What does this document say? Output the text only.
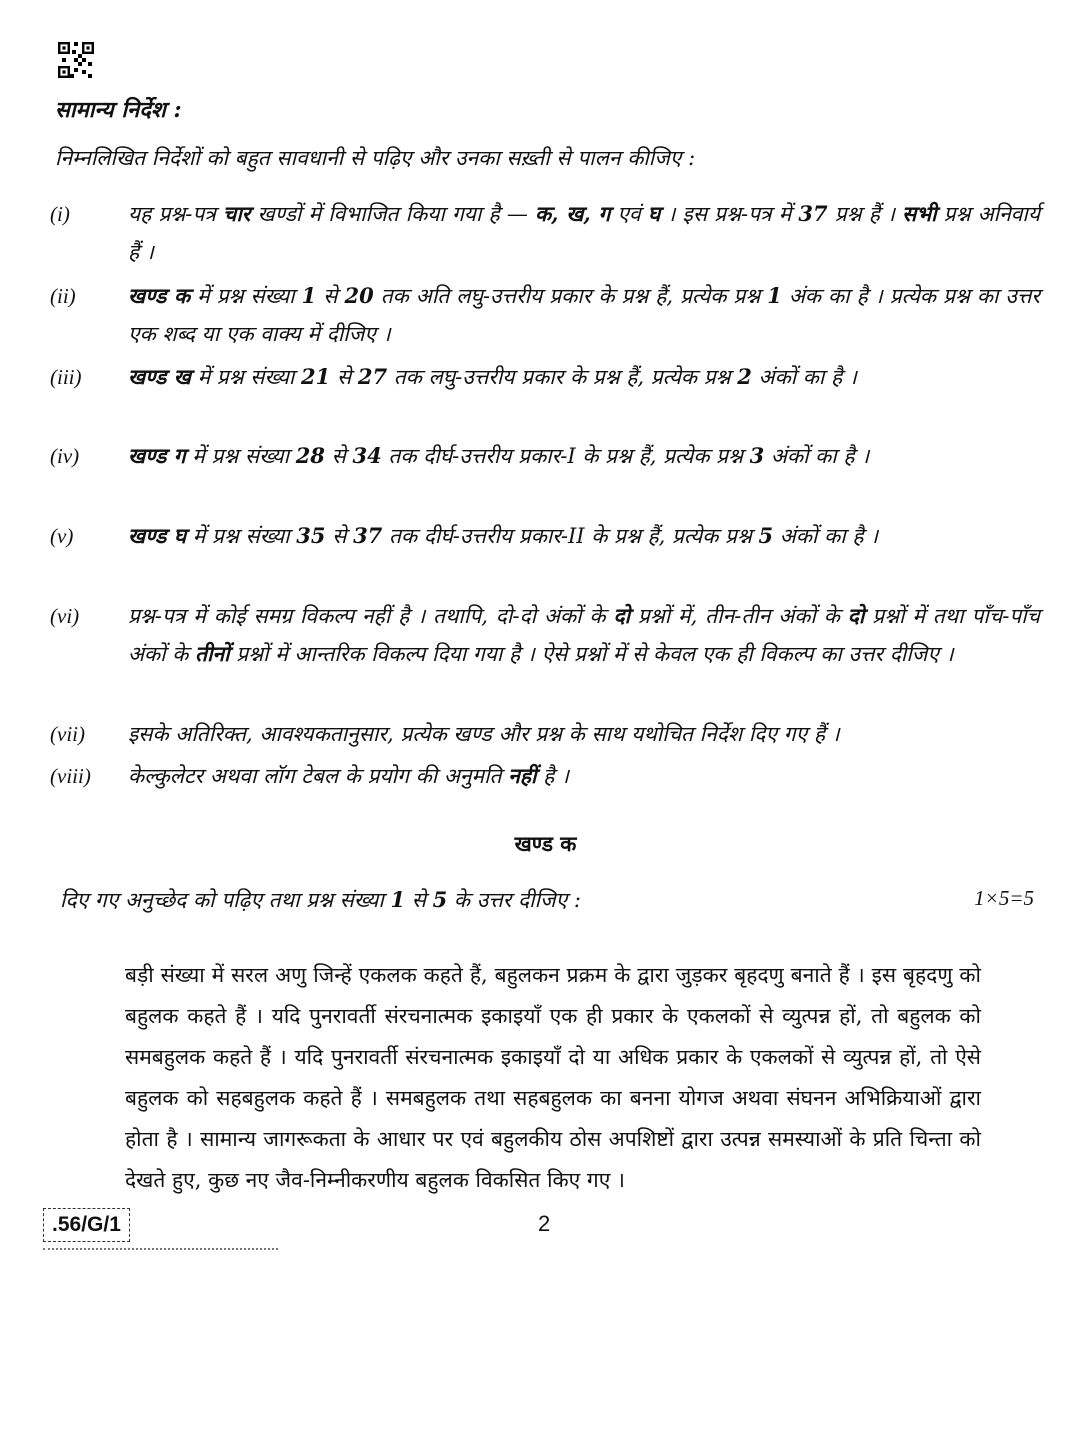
सामान्य निर्देश :
निम्नलिखित निर्देशों को बहुत सावधानी से पढ़िए और उनका सख़्ती से पालन कीजिए :
(i)	यह प्रश्न-पत्र चार खण्डों में विभाजित किया गया है — क, ख, ग एवं घ । इस प्रश्न-पत्र में 37 प्रश्न हैं । सभी प्रश्न अनिवार्य हैं ।
(ii)	खण्ड क में प्रश्न संख्या 1 से 20 तक अति लघु-उत्तरीय प्रकार के प्रश्न हैं, प्रत्येक प्रश्न 1 अंक का है । प्रत्येक प्रश्न का उत्तर एक शब्द या एक वाक्य में दीजिए ।
(iii)	खण्ड ख में प्रश्न संख्या 21 से 27 तक लघु-उत्तरीय प्रकार के प्रश्न हैं, प्रत्येक प्रश्न 2 अंकों का है ।
(iv)	खण्ड ग में प्रश्न संख्या 28 से 34 तक दीर्घ-उत्तरीय प्रकार-I के प्रश्न हैं, प्रत्येक प्रश्न 3 अंकों का है ।
(v)	खण्ड घ में प्रश्न संख्या 35 से 37 तक दीर्घ-उत्तरीय प्रकार-II के प्रश्न हैं, प्रत्येक प्रश्न 5 अंकों का है ।
(vi)	प्रश्न-पत्र में कोई समग्र विकल्प नहीं है । तथापि, दो-दो अंकों के दो प्रश्नों में, तीन-तीन अंकों के दो प्रश्नों में तथा पाँच-पाँच अंकों के तीनों प्रश्नों में आन्तरिक विकल्प दिया गया है । ऐसे प्रश्नों में से केवल एक ही विकल्प का उत्तर दीजिए ।
(vii)	इसके अतिरिक्त, आवश्यकतानुसार, प्रत्येक खण्ड और प्रश्न के साथ यथोचित निर्देश दिए गए हैं ।
(viii)	केल्कुलेटर अथवा लॉग टेबल के प्रयोग की अनुमति नहीं है ।
खण्ड क
दिए गए अनुच्छेद को पढ़िए तथा प्रश्न संख्या 1 से 5 के उत्तर दीजिए :	1×5=5
बड़ी संख्या में सरल अणु जिन्हें एकलक कहते हैं, बहुलकन प्रक्रम के द्वारा जुड़कर बृहदणु बनाते हैं । इस बृहदणु को बहुलक कहते हैं । यदि पुनरावर्ती संरचनात्मक इकाइयाँ एक ही प्रकार के एकलकों से व्युत्पन्न हों, तो बहुलक को समबहुलक कहते हैं । यदि पुनरावर्ती संरचनात्मक इकाइयाँ दो या अधिक प्रकार के एकलकों से व्युत्पन्न हों, तो ऐसे बहुलक को सहबहुलक कहते हैं । समबहुलक तथा सहबहुलक का बनना योगज अथवा संघनन अभिक्रियाओं द्वारा होता है । सामान्य जागरूकता के आधार पर एवं बहुलकीय ठोस अपशिष्टों द्वारा उत्पन्न समस्याओं के प्रति चिन्ता को देखते हुए, कुछ नए जैव-निम्नीकरणीय बहुलक विकसित किए गए ।
.56/G/1	2
